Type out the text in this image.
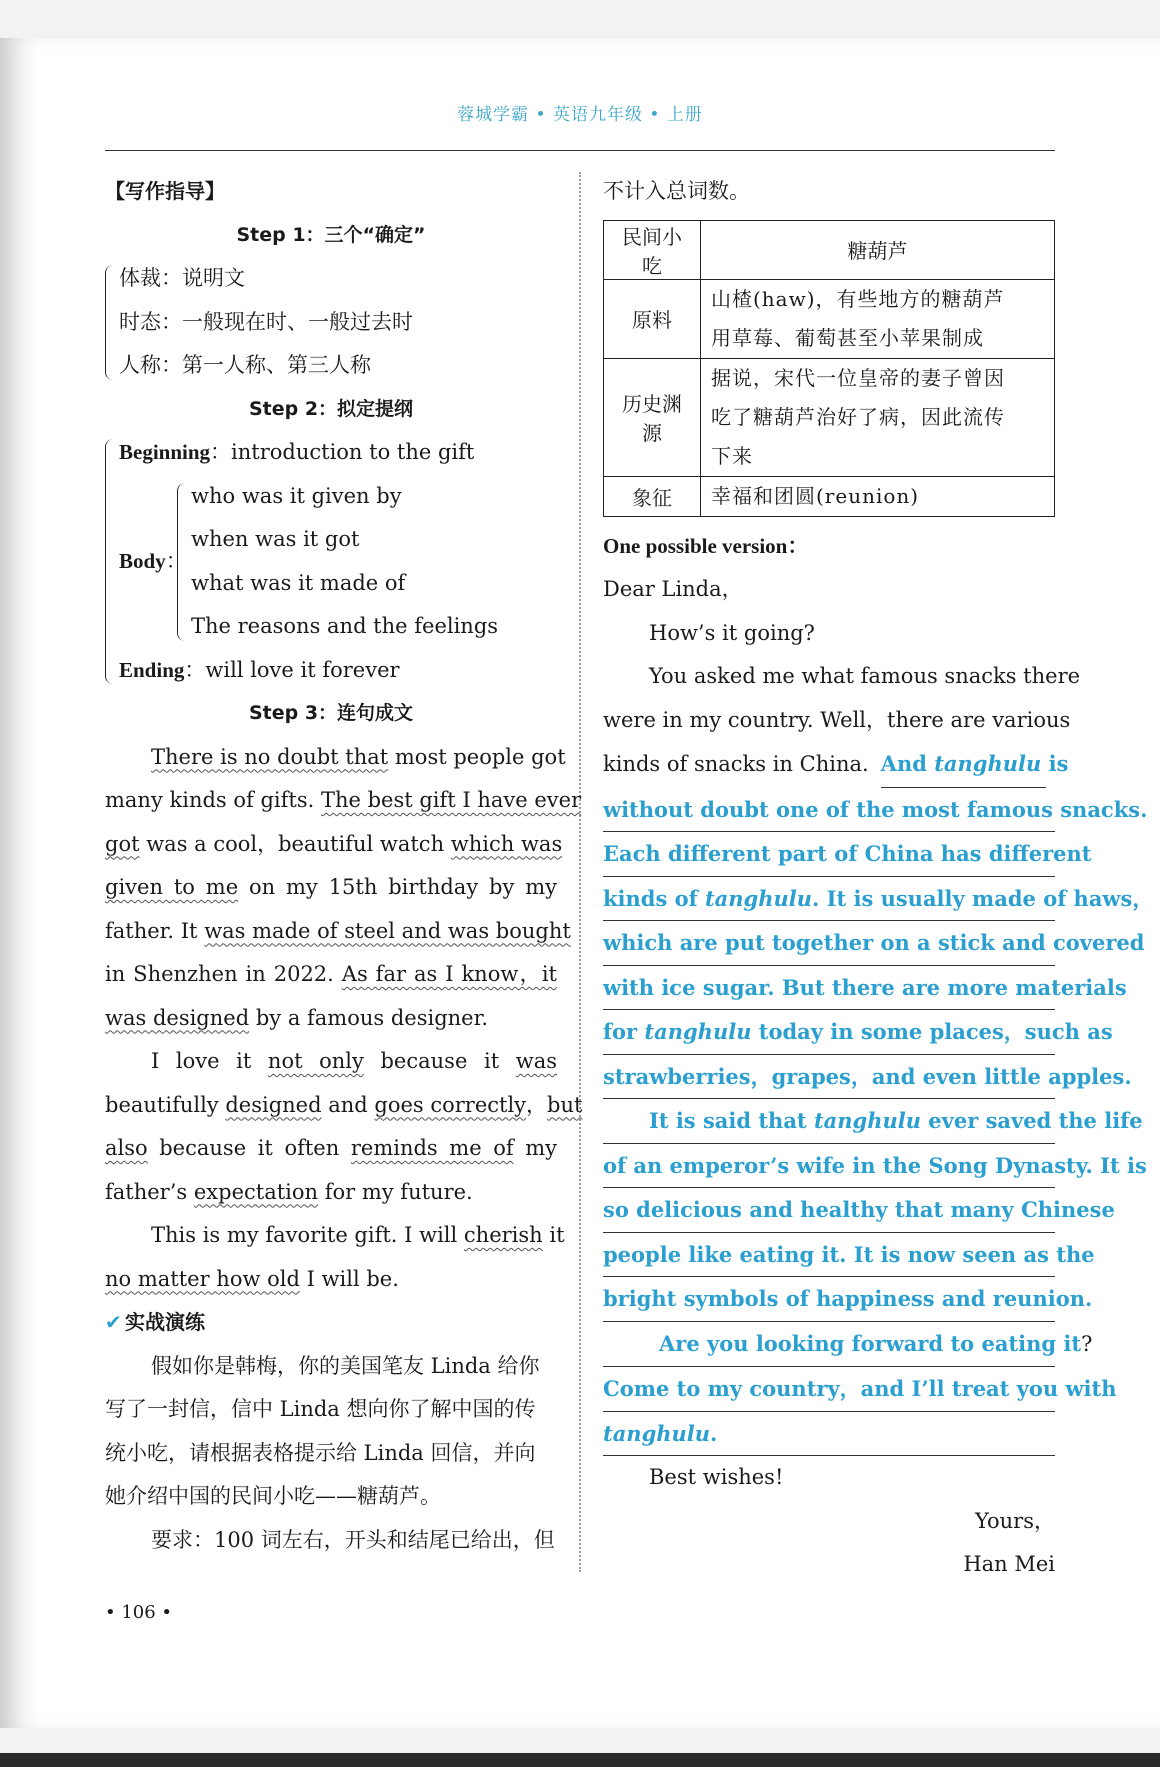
蓉城学霸 • 英语九年级 • 上册
【写作指导】
Step 1：三个“确定”
体裁：说明文
时态：一般现在时、一般过去时
人称：第一人称、第三人称
Step 2：拟定提纲
Beginning：introduction to the gift
Body：
who was it given by
when was it got
what was it made of
The reasons and the feelings
Ending：will love it forever
Step 3：连句成文
There is no doubt that most people got
many kinds of gifts. The best gift I have ever
got was a cool，beautiful watch which was
given to me on my 15th birthday by my
father. It was made of steel and was bought
in Shenzhen in 2022. As far as I know，it
was designed by a famous designer.
I love it not only because it was
beautifully designed and goes correctly，but
also because it often reminds me of my
father’s expectation for my future.
This is my favorite gift. I will cherish it
no matter how old I will be.
✔ 实战演练
假如你是韩梅，你的美国笔友 Linda 给你
写了一封信，信中 Linda 想向你了解中国的传
统小吃，请根据表格提示给 Linda 回信，并向
她介绍中国的民间小吃——糖葫芦。
要求：100 词左右，开头和结尾已给出，但
• 106 •
不计入总词数。
民间小吃	糖葫芦
原料	山楂(haw)，有些地方的糖葫芦
用草莓、葡萄甚至小苹果制成

历史渊源	据说，宋代一位皇帝的妻子曾因
吃了糖葫芦治好了病，因此流传
下来

象征	幸福和团圆(reunion)
One possible version：
Dear Linda，
How’s it going?
You asked me what famous snacks there
were in my country. Well，there are various
kinds of snacks in China. And tanghulu is
without doubt one of the most famous snacks.
Each different part of China has different
kinds of tanghulu. It is usually made of haws，
which are put together on a stick and covered
with ice sugar. But there are more materials
for tanghulu today in some places，such as
strawberries，grapes，and even little apples.
It is said that tanghulu ever saved the life
of an emperor’s wife in the Song Dynasty. It is
so delicious and healthy that many Chinese
people like eating it. It is now seen as the
bright symbols of happiness and reunion.
Are you looking forward to eating it?
Come to my country，and I’ll treat you with
tanghulu.
Best wishes!
Yours，
Han Mei
